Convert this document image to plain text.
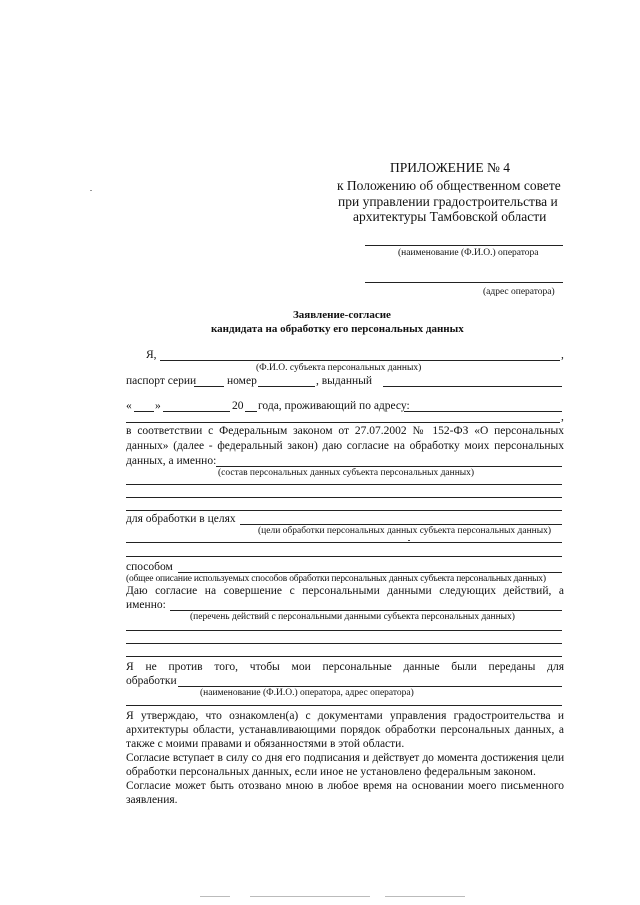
ПРИЛОЖЕНИЕ № 4
к Положению об общественном совете
при управлении градостроительства и
архитектуры Тамбовской области
(наименование (Ф.И.О.) оператора
(адрес оператора)
Заявление-согласие
кандидата на обработку его персональных данных
Я,	,
(Ф.И.О. субъекта персональных данных)
паспорт серии	номер	, выданный
« »	20 года, проживающий по адресу:
,
в соответствии с Федеральным законом от 27.07.2002 № 152-ФЗ «О персональных
данных» (далее - федеральный закон) даю согласие на обработку моих персональных
данных, а именно:
(состав персональных данных субъекта персональных данных)
для обработки в целях
(цели обработки персональных данных субъекта персональных данных)
способом
(общее описание используемых способов обработки персональных данных субъекта персональных данных)
Даю согласие на совершение с персональными данными следующих действий, а
именно:
(перечень действий с персональными данными субъекта персональных данных)
Я не против того, чтобы мои персональные данные были переданы для
обработки
(наименование (Ф.И.О.) оператора, адрес оператора)
Я утверждаю, что ознакомлен(а) с документами управления градостроительства и
архитектуры области, устанавливающими порядок обработки персональных данных, а
также с моими правами и обязанностями в этой области.
Согласие вступает в силу со дня его подписания и действует до момента достижения цели
обработки персональных данных, если иное не установлено федеральным законом.
Согласие может быть отозвано мною в любое время на основании моего письменного
заявления.
